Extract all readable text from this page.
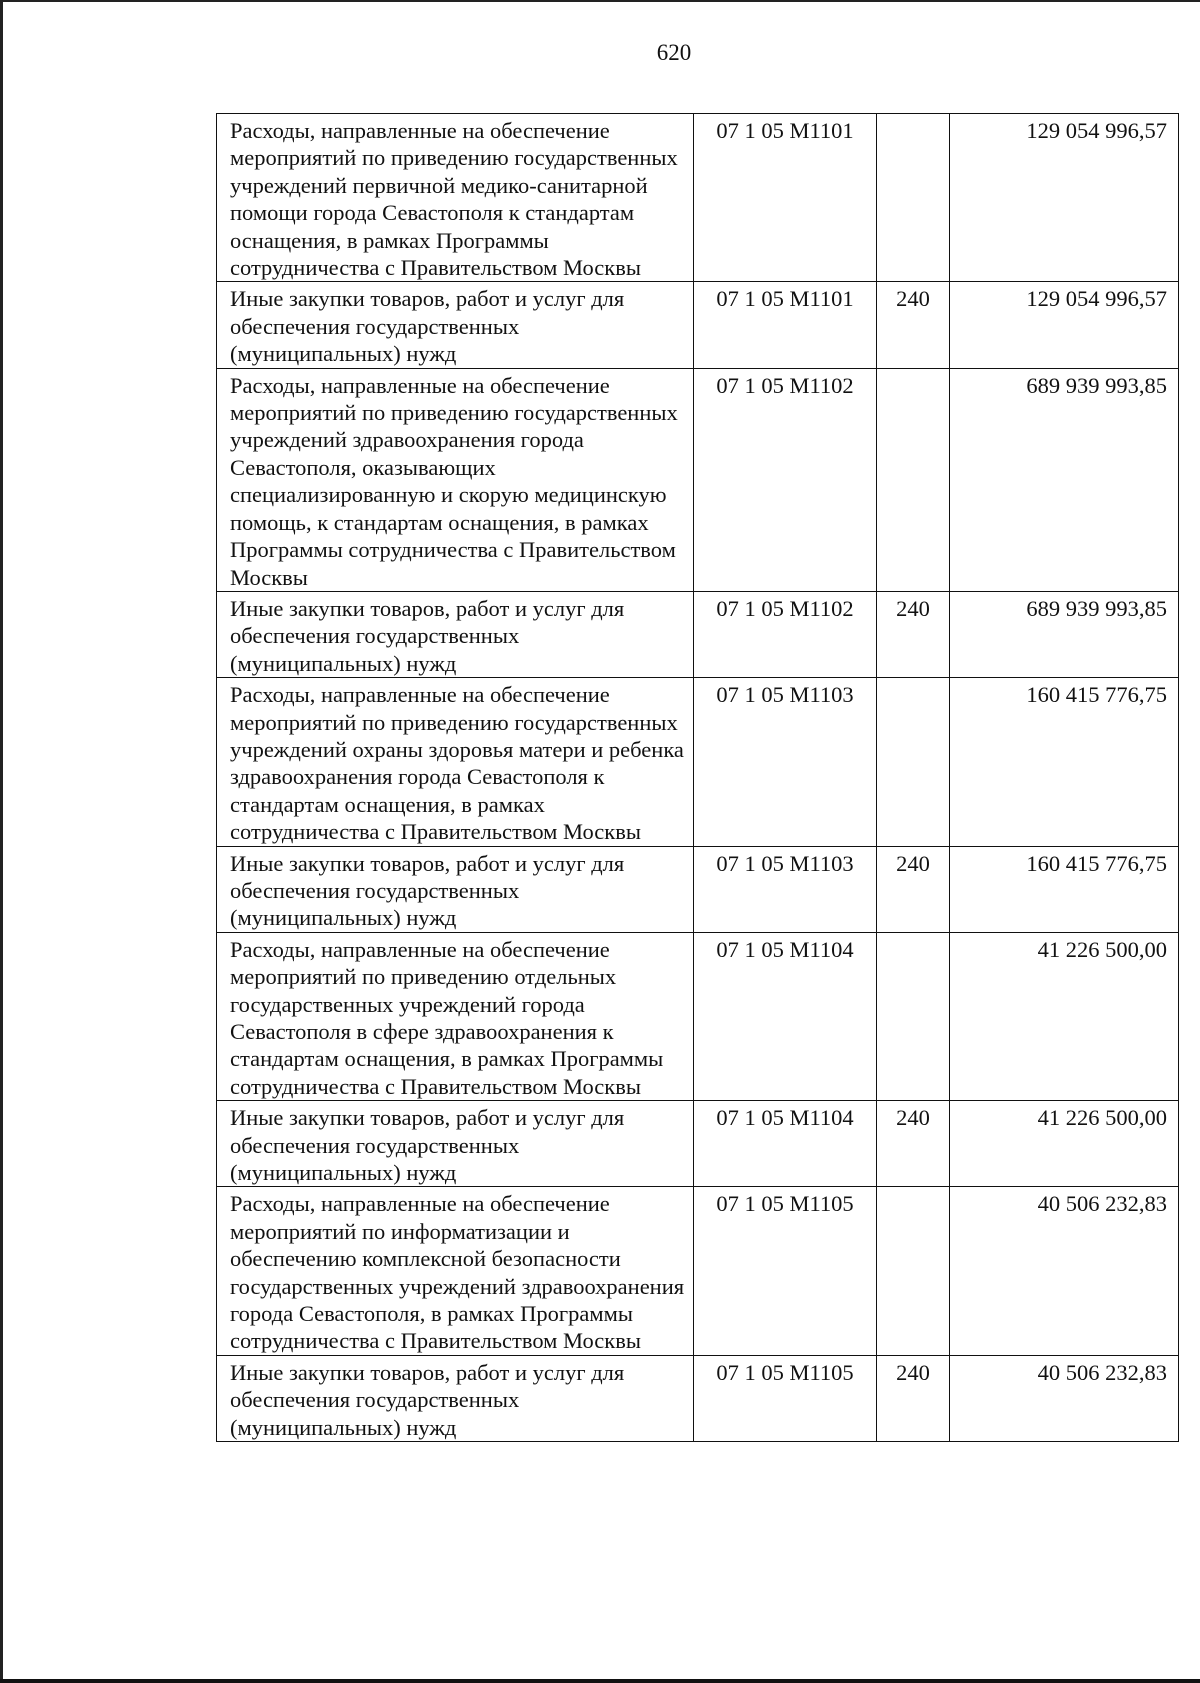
620
Расходы, направленные на обеспечение мероприятий по приведению государственных учреждений первичной медико-санитарной помощи города Севастополя к стандартам оснащения, в рамках Программы сотрудничества с Правительством Москвы	07 1 05 M1101		129 054 996,57
Иные закупки товаров, работ и услуг для обеспечения государственных (муниципальных) нужд	07 1 05 M1101	240	129 054 996,57
Расходы, направленные на обеспечение мероприятий по приведению государственных учреждений здравоохранения города Севастополя, оказывающих специализированную и скорую медицинскую помощь, к стандартам оснащения, в рамках Программы сотрудничества с Правительством Москвы	07 1 05 M1102		689 939 993,85
Иные закупки товаров, работ и услуг для обеспечения государственных (муниципальных) нужд	07 1 05 M1102	240	689 939 993,85
Расходы, направленные на обеспечение мероприятий по приведению государственных учреждений охраны здоровья матери и ребенка здравоохранения города Севастополя к стандартам оснащения, в рамках сотрудничества с Правительством Москвы	07 1 05 M1103		160 415 776,75
Иные закупки товаров, работ и услуг для обеспечения государственных (муниципальных) нужд	07 1 05 M1103	240	160 415 776,75
Расходы, направленные на обеспечение мероприятий по приведению отдельных государственных учреждений города Севастополя в сфере здравоохранения к стандартам оснащения, в рамках Программы сотрудничества с Правительством Москвы	07 1 05 M1104		41 226 500,00
Иные закупки товаров, работ и услуг для обеспечения государственных (муниципальных) нужд	07 1 05 M1104	240	41 226 500,00
Расходы, направленные на обеспечение мероприятий по информатизации и обеспечению комплексной безопасности государственных учреждений здравоохранения города Севастополя, в рамках Программы сотрудничества с Правительством Москвы	07 1 05 M1105		40 506 232,83
Иные закупки товаров, работ и услуг для обеспечения государственных (муниципальных) нужд	07 1 05 M1105	240	40 506 232,83
